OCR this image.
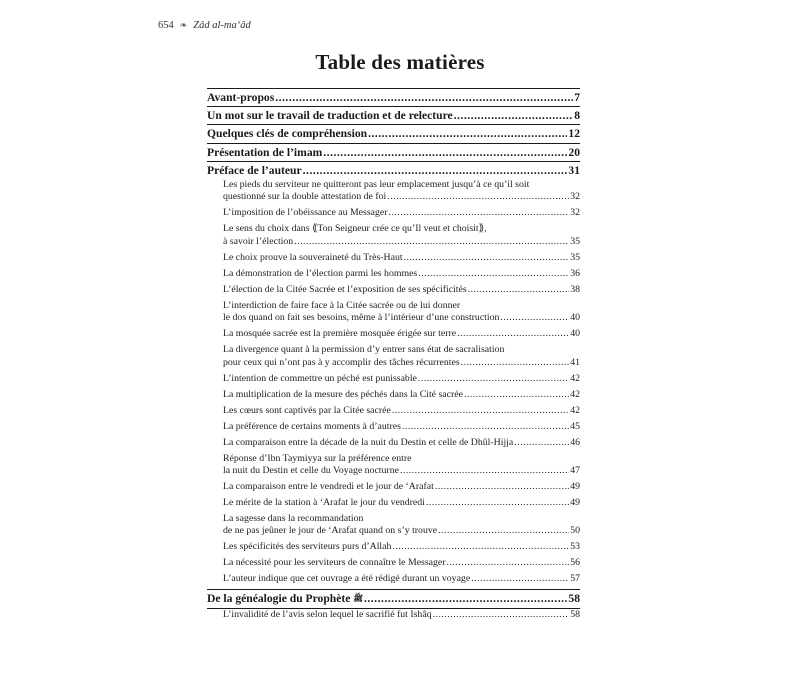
654 ❧ Zâd al-ma‘âd
Table des matières
Avant-propos .....	7
Un mot sur le travail de traduction et de relecture .....	8
Quelques clés de compréhension .....	12
Présentation de l’imam .....	20
Préface de l’auteur .....	31
Les pieds du serviteur ne quitteront pas leur emplacement jusqu’à ce qu’il soit
questionné sur la double attestation de foi .....	32
L’imposition de l’obéissance au Messager .....	32
Le sens du choix dans ⟪Ton Seigneur crée ce qu’Il veut et choisit⟫,
à savoir l’élection .....	35
Le choix prouve la souveraineté du Très-Haut .....	35
La démonstration de l’élection parmi les hommes .....	36
L’élection de la Citée Sacrée et l’exposition de ses spécificités .....	38
L’interdiction de faire face à la Citée sacrée ou de lui donner
le dos quand on fait ses besoins, même à l’intérieur d’une construction .....	40
La mosquée sacrée est la première mosquée érigée sur terre .....	40
La divergence quant à la permission d’y entrer sans état de sacralisation
pour ceux qui n’ont pas à y accomplir des tâches récurrentes .....	41
L’intention de commettre un péché est punissable .....	42
La multiplication de la mesure des péchés dans la Cité sacrée .....	42
Les cœurs sont captivés par la Citée sacrée .....	42
La préférence de certains moments à d’autres .....	45
La comparaison entre la décade de la nuit du Destin et celle de Dhûl-Hijja .....	46
Réponse d’Ibn Taymiyya sur la préférence entre
la nuit du Destin et celle du Voyage nocturne .....	47
La comparaison entre le vendredi et le jour de ‘Arafat .....	49
Le mérite de la station à ‘Arafat le jour du vendredi .....	49
La sagesse dans la recommandation
de ne pas jeûner le jour de ‘Arafat quand on s’y trouve .....	50
Les spécificités des serviteurs purs d’Allah .....	53
La nécessité pour les serviteurs de connaître le Messager .....	56
L’auteur indique que cet ouvrage a été rédigé durant un voyage .....	57
De la généalogie du Prophète ﷺ .....	58
L’invalidité de l’avis selon lequel le sacrifié fut Ishâq .....	58
